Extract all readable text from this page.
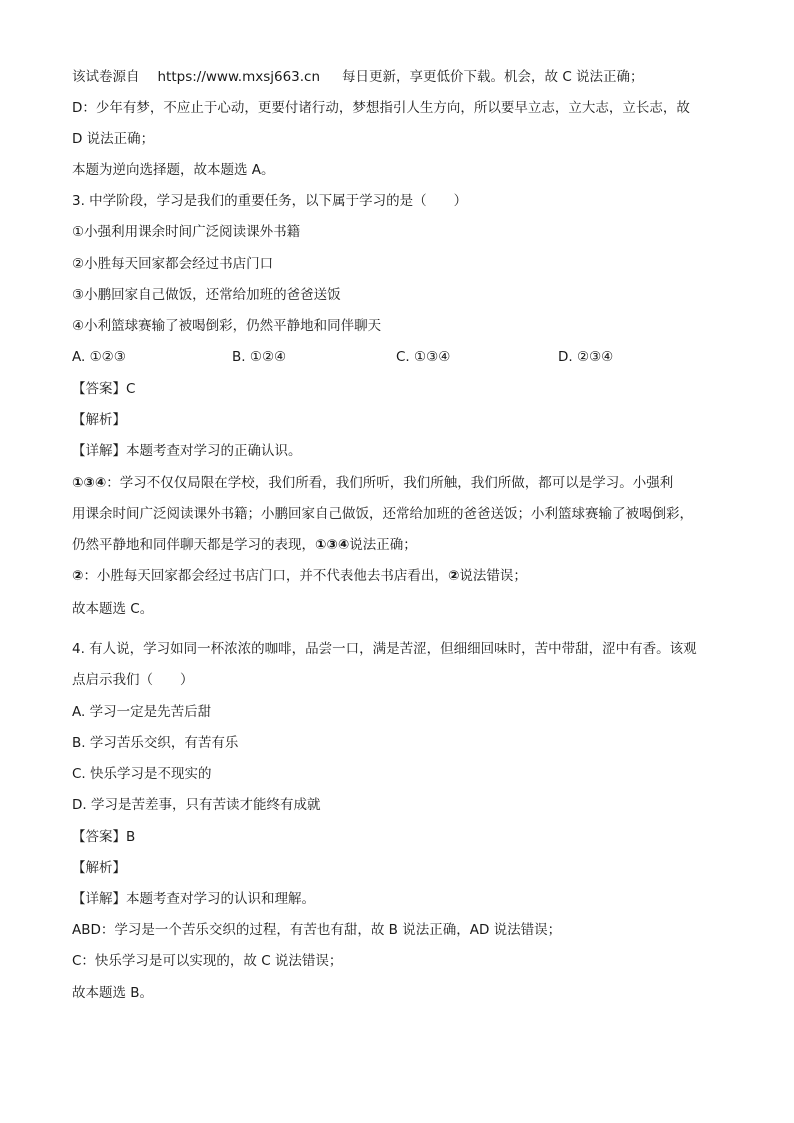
该试卷源自 https://www.mxsj663.cn 每日更新，享更低价下载。机会，故 C 说法正确；
D：少年有梦，不应止于心动，更要付诸行动，梦想指引人生方向，所以要早立志，立大志，立长志，故
D 说法正确；
本题为逆向选择题，故本题选 A。
3. 中学阶段，学习是我们的重要任务，以下属于学习的是（　　）
①小强利用课余时间广泛阅读课外书籍
②小胜每天回家都会经过书店门口
③小鹏回家自己做饭，还常给加班的爸爸送饭
④小利篮球赛输了被喝倒彩，仍然平静地和同伴聊天
A. ①②③	B. ①②④	C. ①③④	D. ②③④
【答案】C
【解析】
【详解】本题考查对学习的正确认识。
①③④：学习不仅仅局限在学校，我们所看，我们所听，我们所触，我们所做，都可以是学习。小强利
用课余时间广泛阅读课外书籍；小鹏回家自己做饭，还常给加班的爸爸送饭；小利篮球赛输了被喝倒彩，
仍然平静地和同伴聊天都是学习的表现，①③④说法正确；
②：小胜每天回家都会经过书店门口，并不代表他去书店看出，②说法错误；
故本题选 C。
4. 有人说，学习如同一杯浓浓的咖啡，品尝一口，满是苦涩，但细细回味时，苦中带甜，涩中有香。该观
点启示我们（　　）
A. 学习一定是先苦后甜
B. 学习苦乐交织，有苦有乐
C. 快乐学习是不现实的
D. 学习是苦差事，只有苦读才能终有成就
【答案】B
【解析】
【详解】本题考查对学习的认识和理解。
ABD：学习是一个苦乐交织的过程，有苦也有甜，故 B 说法正确，AD 说法错误；
C：快乐学习是可以实现的，故 C 说法错误；
故本题选 B。
